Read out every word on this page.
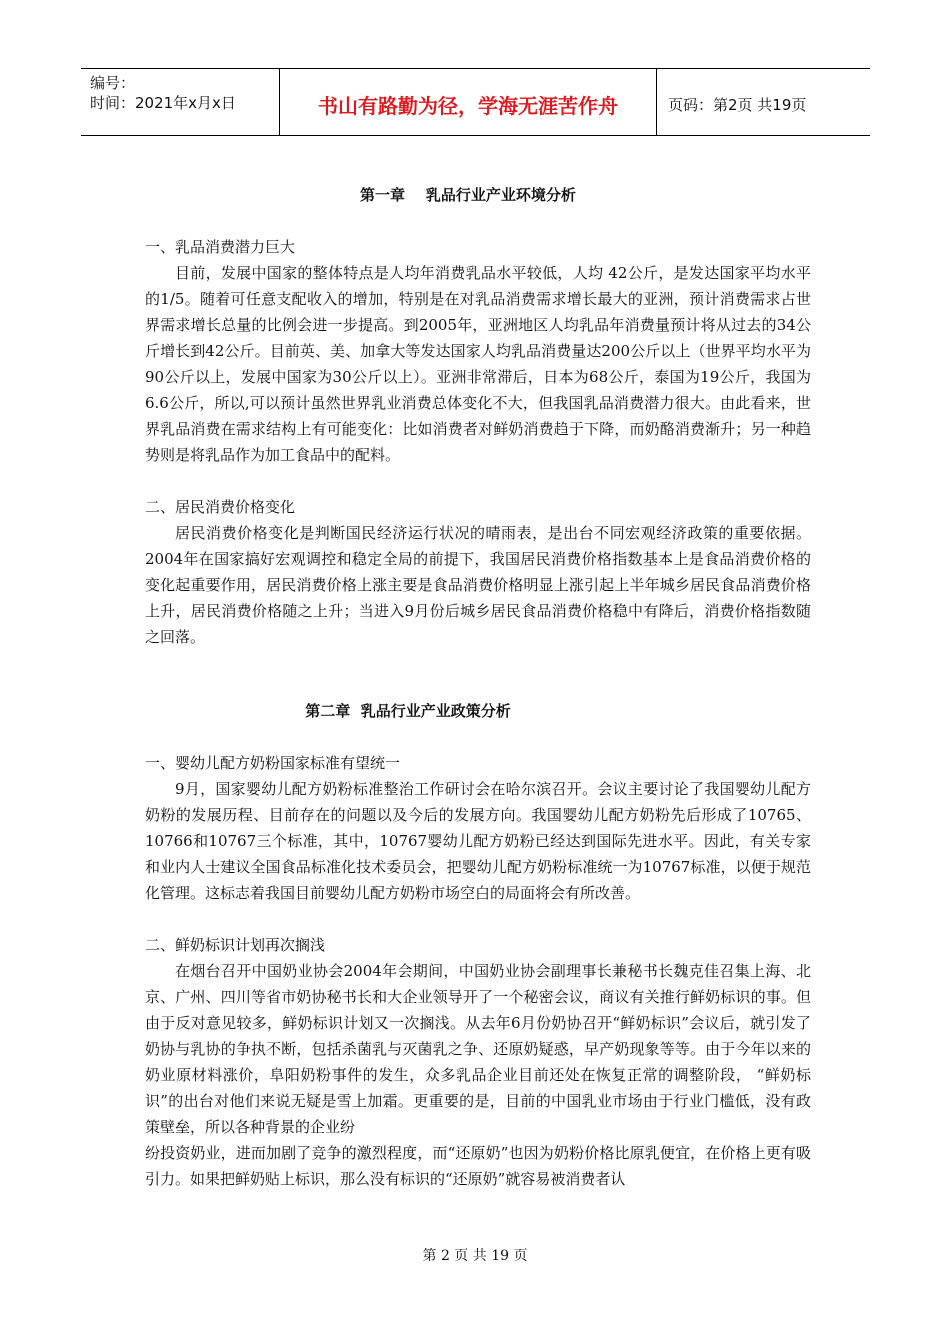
编号：
时间：2021年x月x日	书山有路勤为径，学海无涯苦作舟	页码：第2页 共19页
第一章    乳品行业产业环境分析

一、乳品消费潜力巨大

目前，发展中国家的整体特点是人均年消费乳品水平较低，人均 42公斤，是发达国家平均水平的1/5。随着可任意支配收入的增加，特别是在对乳品消费需求增长最大的亚洲，预计消费需求占世界需求增长总量的比例会进一步提高。到2005年，亚洲地区人均乳品年消费量预计将从过去的34公斤增长到42公斤。目前英、美、加拿大等发达国家人均乳品消费量达200公斤以上（世界平均水平为90公斤以上，发展中国家为30公斤以上）。亚洲非常滞后，日本为68公斤，泰国为19公斤，我国为6.6公斤，所以,可以预计虽然世界乳业消费总体变化不大，但我国乳品消费潜力很大。由此看来，世界乳品消费在需求结构上有可能变化：比如消费者对鲜奶消费趋于下降，而奶酪消费渐升；另一种趋势则是将乳品作为加工食品中的配料。

二、居民消费价格变化

居民消费价格变化是判断国民经济运行状况的晴雨表，是出台不同宏观经济政策的重要依据。2004年在国家搞好宏观调控和稳定全局的前提下，我国居民消费价格指数基本上是食品消费价格的变化起重要作用，居民消费价格上涨主要是食品消费价格明显上涨引起上半年城乡居民食品消费价格上升，居民消费价格随之上升；当进入9月份后城乡居民食品消费价格稳中有降后，消费价格指数随之回落。

第二章  乳品行业产业政策分析

一、婴幼儿配方奶粉国家标准有望统一

9月，国家婴幼儿配方奶粉标准整治工作研讨会在哈尔滨召开。会议主要讨论了我国婴幼儿配方奶粉的发展历程、目前存在的问题以及今后的发展方向。我国婴幼儿配方奶粉先后形成了10765、10766和10767三个标准，其中，10767婴幼儿配方奶粉已经达到国际先进水平。因此，有关专家和业内人士建议全国食品标准化技术委员会，把婴幼儿配方奶粉标准统一为10767标准，以便于规范化管理。这标志着我国目前婴幼儿配方奶粉市场空白的局面将会有所改善。

二、鲜奶标识计划再次搁浅

在烟台召开中国奶业协会2004年会期间，中国奶业协会副理事长兼秘书长魏克佳召集上海、北京、广州、四川等省市奶协秘书长和大企业领导开了一个秘密会议，商议有关推行鲜奶标识的事。但由于反对意见较多，鲜奶标识计划又一次搁浅。从去年6月份奶协召开“鲜奶标识”会议后，就引发了奶协与乳协的争执不断，包括杀菌乳与灭菌乳之争、还原奶疑惑，早产奶现象等等。由于今年以来的奶业原材料涨价，阜阳奶粉事件的发生，众多乳品企业目前还处在恢复正常的调整阶段， “鲜奶标识”的出台对他们来说无疑是雪上加霜。更重要的是，目前的中国乳业市场由于行业门槛低，没有政策壁垒，所以各种背景的企业纷

纷投资奶业，进而加剧了竞争的激烈程度，而“还原奶”也因为奶粉价格比原乳便宜，在价格上更有吸引力。如果把鲜奶贴上标识，那么没有标识的“还原奶”就容易被消费者认

第 2 页 共 19 页
